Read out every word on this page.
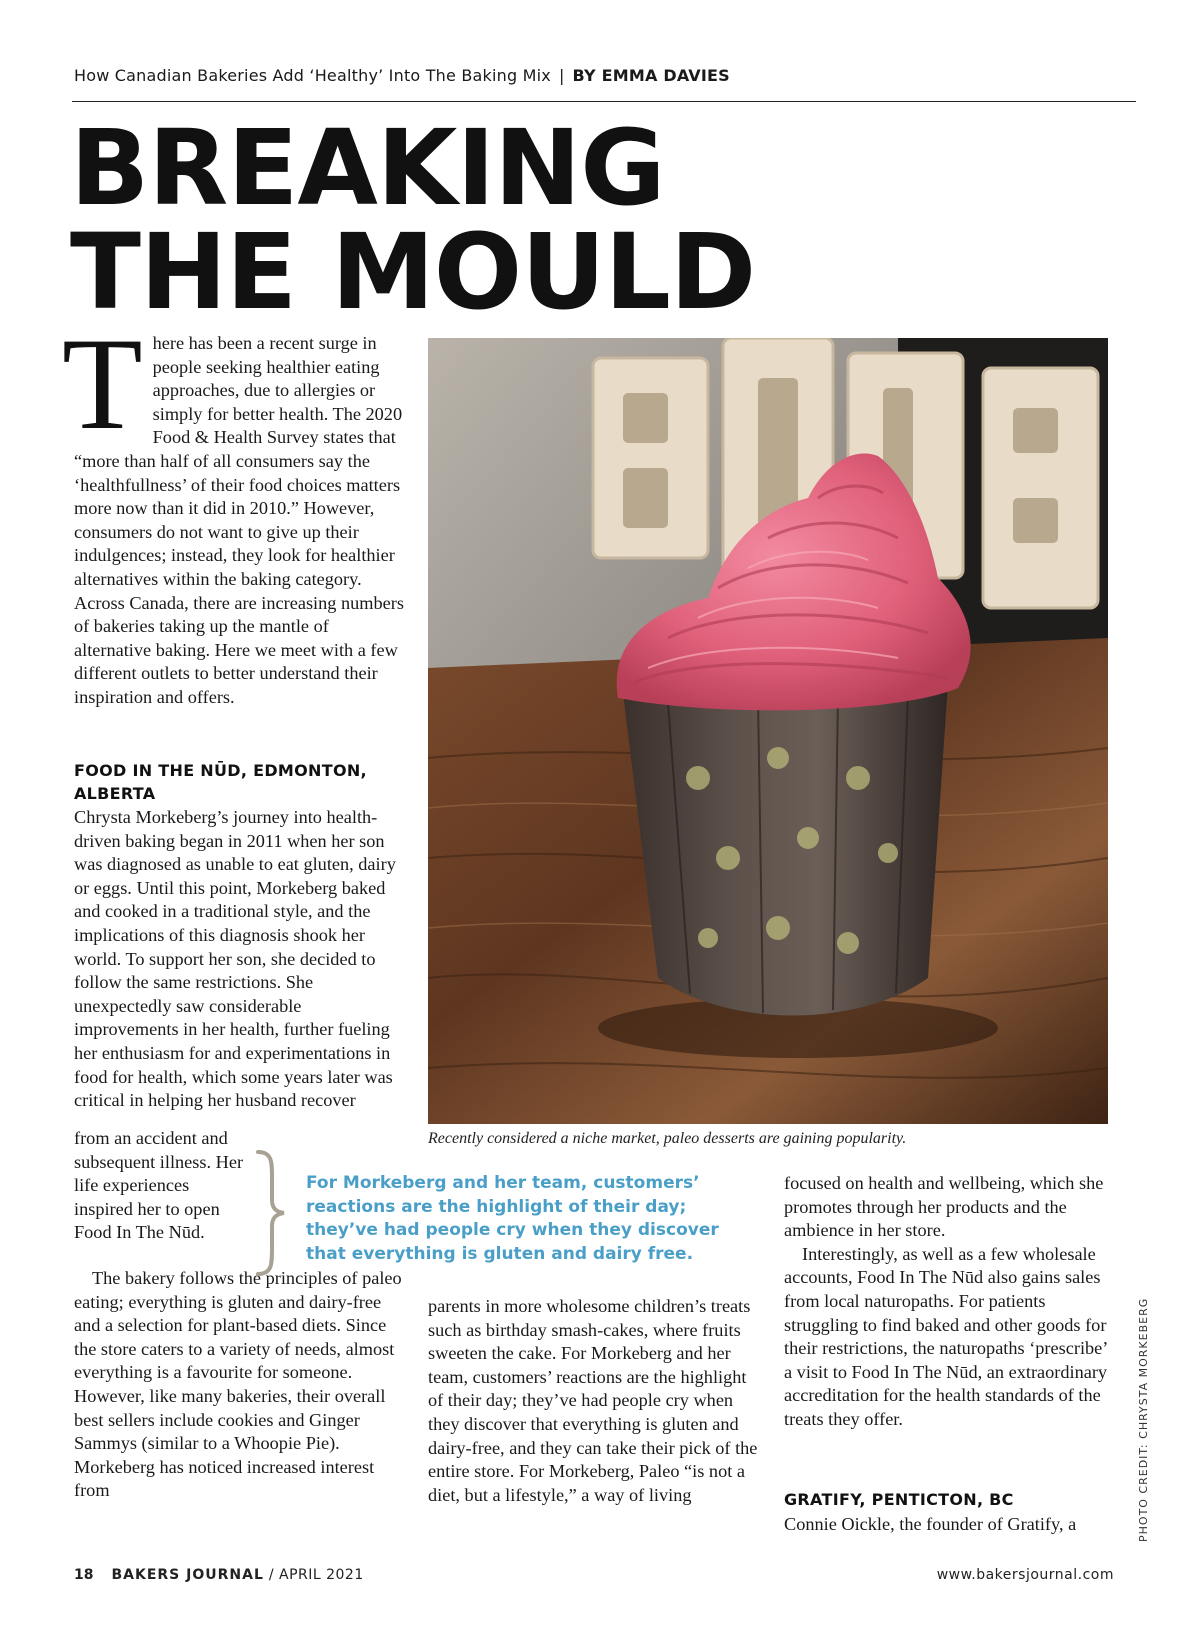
How Canadian Bakeries Add ‘Healthy’ Into The Baking Mix | BY EMMA DAVIES
BREAKING
THE MOULD
T here has been a recent surge in people seeking healthier eating approaches, due to allergies or simply for better health. The 2020 Food & Health Survey states that “more than half of all consumers say the ‘healthfullness’ of their food choices matters more now than it did in 2010.” However, consumers do not want to give up their indulgences; instead, they look for healthier alternatives within the baking category. Across Canada, there are increasing numbers of bakeries taking up the mantle of alternative baking. Here we meet with a few different outlets to better understand their inspiration and offers.

FOOD IN THE NŪD, EDMONTON, ALBERTA

Chrysta Morkeberg’s journey into health-driven baking began in 2011 when her son was diagnosed as unable to eat gluten, dairy or eggs. Until this point, Morkeberg baked and cooked in a traditional style, and the implications of this diagnosis shook her world. To support her son, she decided to follow the same restrictions. She unexpectedly saw considerable improvements in her health, further fueling her enthusiasm for and experimentations in food for health, which some years later was critical in helping her husband recover

from an accident and subsequent illness. Her life experiences inspired her to open Food In The Nūd.

The bakery follows the principles of paleo eating; everything is gluten and dairy-free and a selection for plant-based diets. Since the store caters to a variety of needs, almost everything is a favourite for someone. However, like many bakeries, their overall best sellers include cookies and Ginger Sammys (similar to a Whoopie Pie). Morkeberg has noticed increased interest from

Recently considered a niche market, paleo desserts are gaining popularity.

}

For Morkeberg and her team, customers’ reactions are the highlight of their day; they’ve had people cry when they discover that everything is gluten and dairy free.

parents in more wholesome children’s treats such as birthday smash-cakes, where fruits sweeten the cake. For Morkeberg and her team, customers’ reactions are the highlight of their day; they’ve had people cry when they discover that everything is gluten and dairy-free, and they can take their pick of the entire store. For Morkeberg, Paleo “is not a diet, but a lifestyle,” a way of living

focused on health and wellbeing, which she promotes through her products and the ambience in her store.

Interestingly, as well as a few wholesale accounts, Food In The Nūd also gains sales from local naturopaths. For patients struggling to find baked and other goods for their restrictions, the naturopaths ‘prescribe’ a visit to Food In The Nūd, an extraordinary accreditation for the health standards of the treats they offer.

GRATIFY, PENTICTON, BC

Connie Oickle, the founder of Gratify, a	PHOTO CREDIT: CHRYSTA MORKEBERG
18 BAKERS JOURNAL / APRIL 2021	www.bakersjournal.com
